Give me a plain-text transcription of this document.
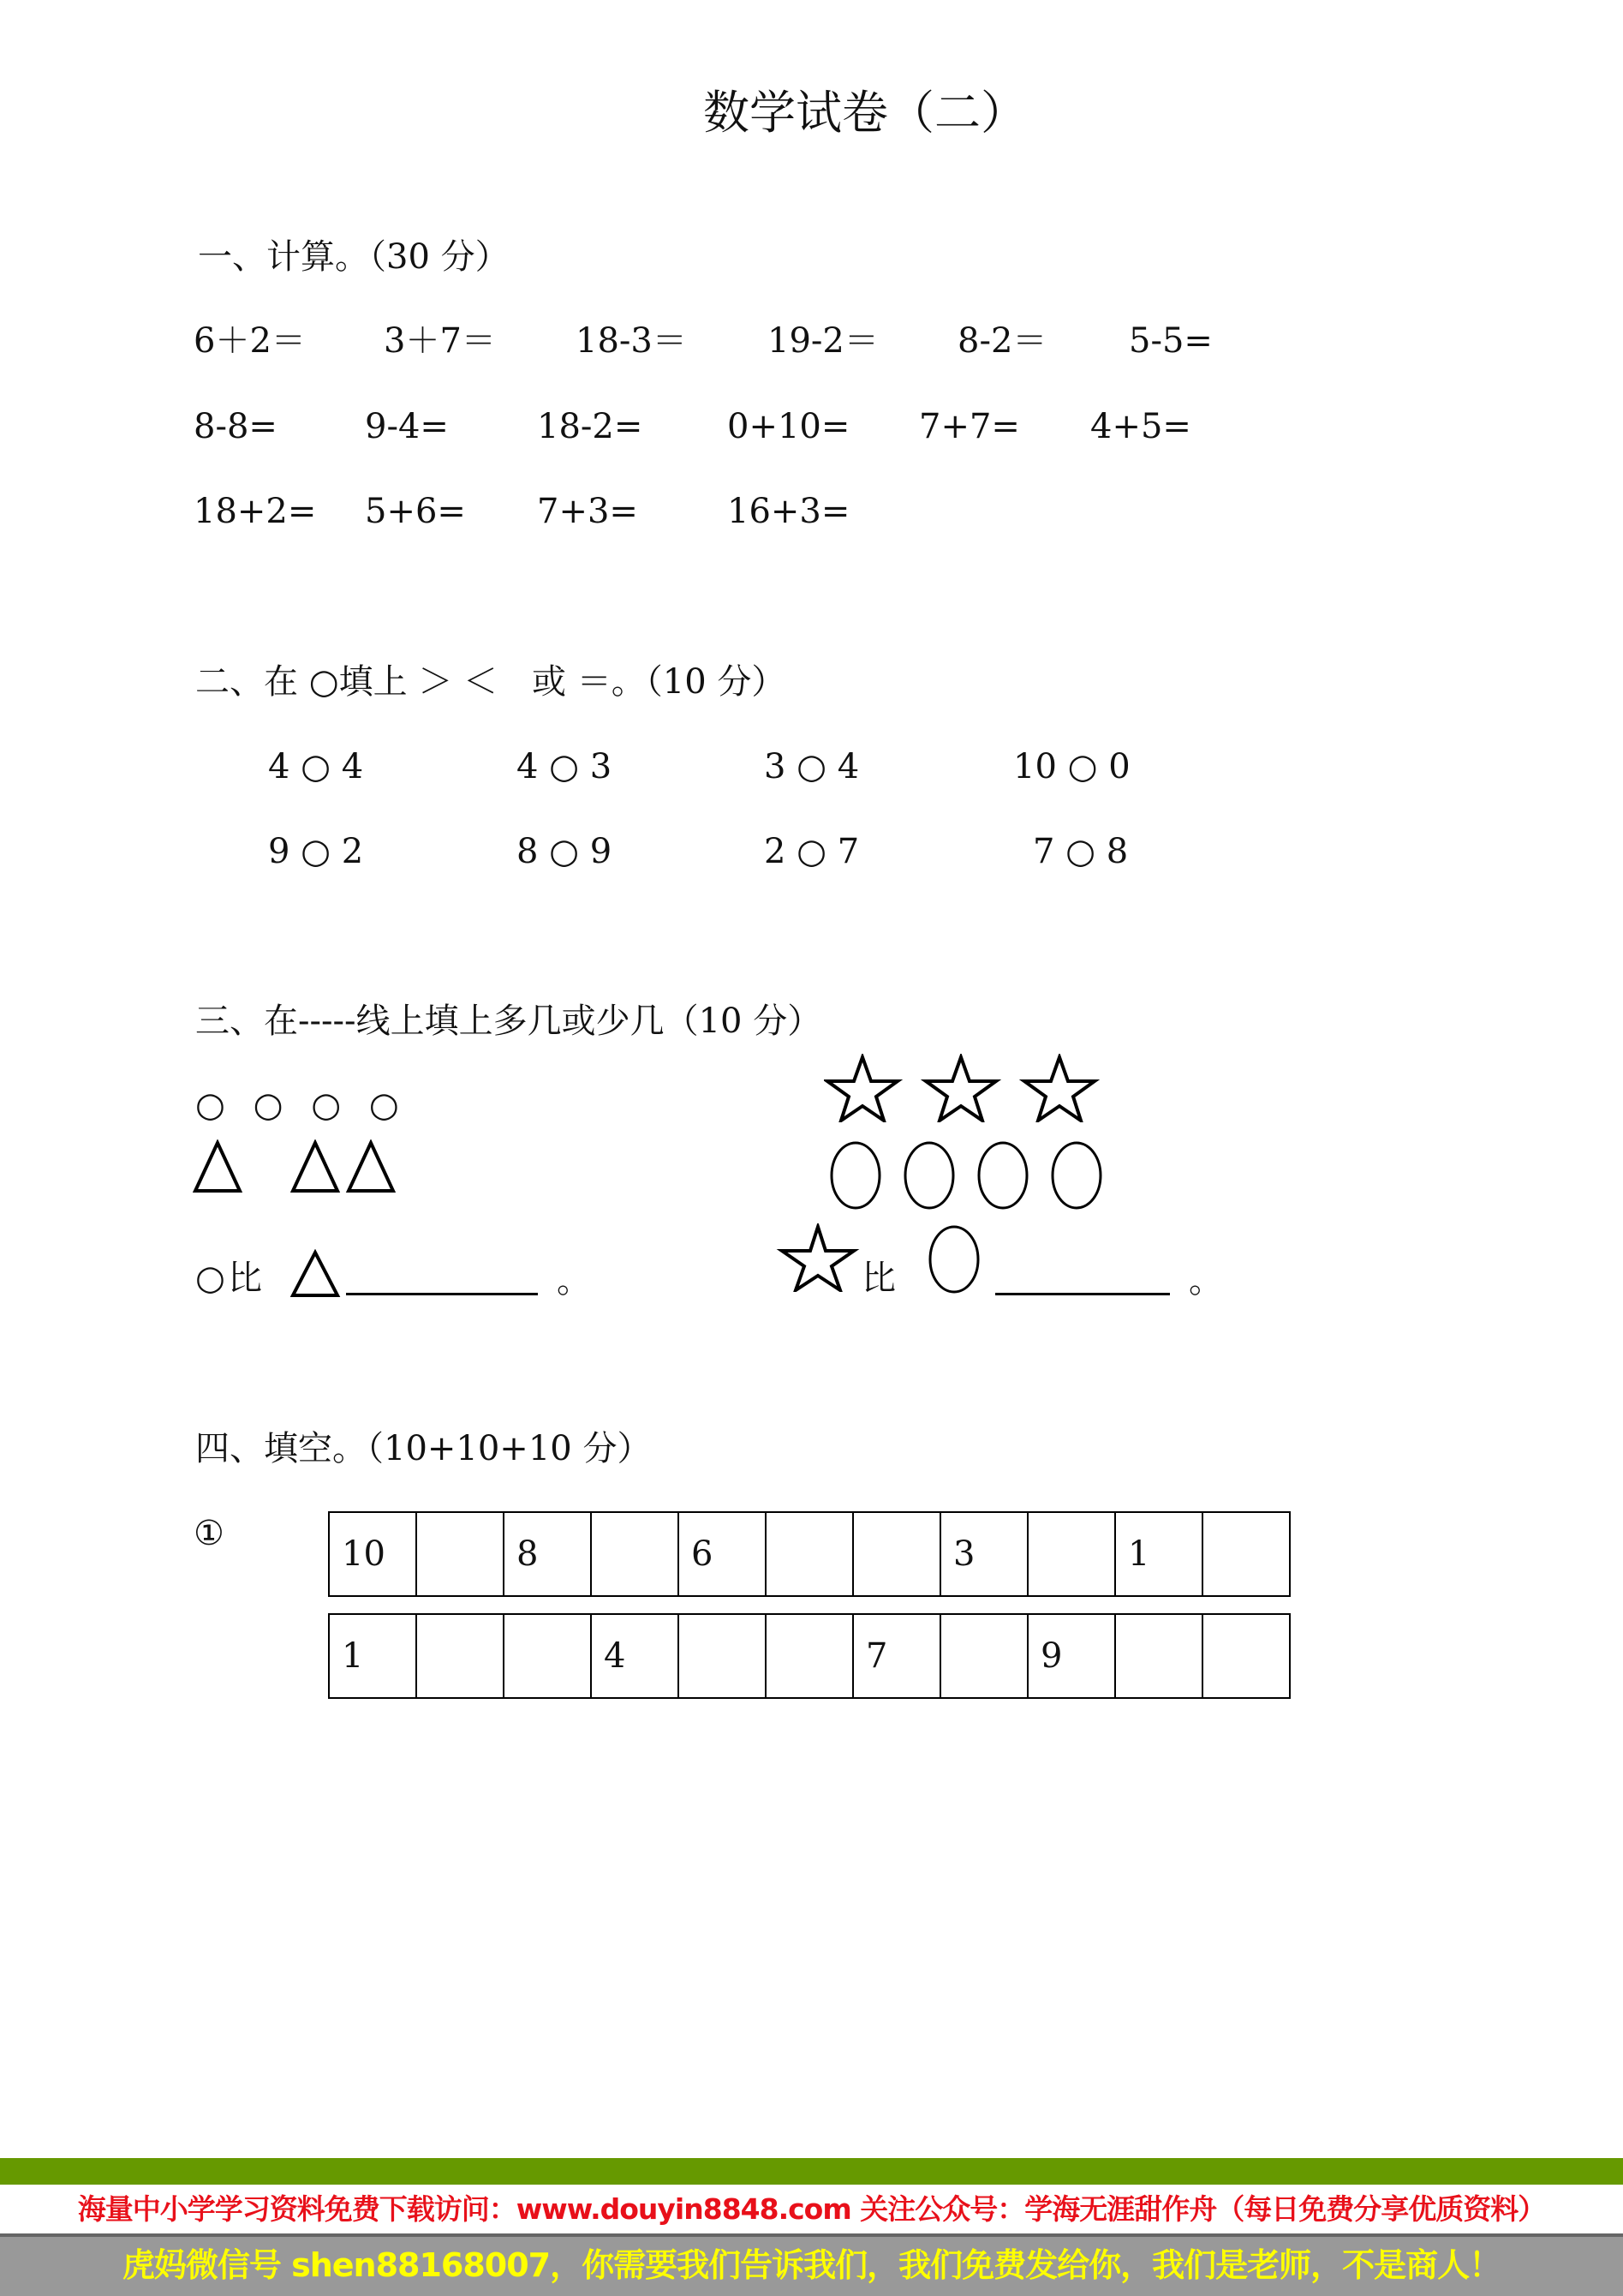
数学试卷（二）
一、计算。（30 分）
6＋2＝ 3＋7＝ 18-3＝ 19-2＝ 8-2＝ 5-5=
8-8=	9-4=	18-2= 0+10= 7+7= 4+5=
18+2= 5+6= 7+3=	16+3=
二、在 ○填上 ＞ ＜　或 ＝。（10 分）
4 ○ 4	4 ○ 3	3 ○ 4	10 ○ 0
9 ○ 2	8 ○ 9	2 ○ 7	7 ○ 8
三、在-----线上填上多几或少几（10 分）
○ ○ ○ ○
○ 比	。	比	。
四、填空。（10+10+10 分）
①
10		8		6			3		1	
1			4			7		9		
海量中小学学习资料免费下载访问：www.douyin8848.com 关注公众号：学海无涯甜作舟（每日免费分享优质资料）
虎妈微信号 shen88168007，你需要我们告诉我们，我们免费发给你，我们是老师，不是商人！
